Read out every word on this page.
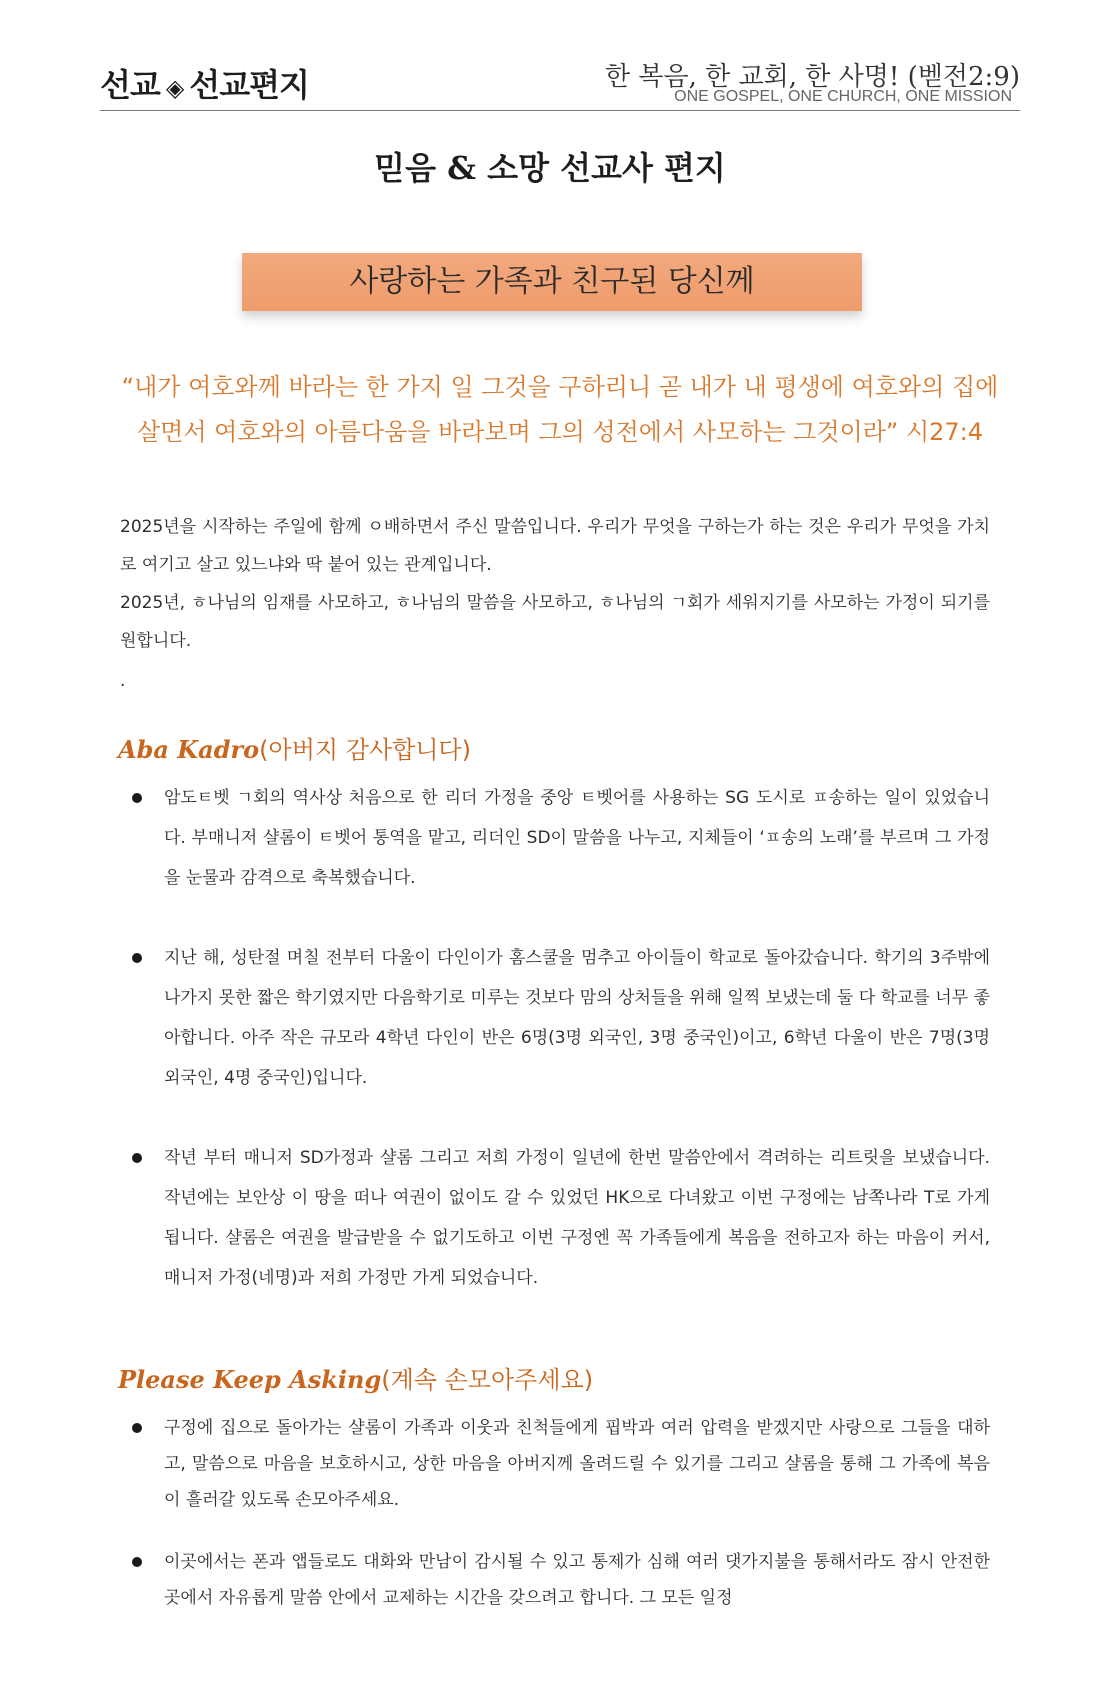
선교 ◈ 선교편지	한 복음, 한 교회, 한 사명! (벧전2:9)
ONE GOSPEL, ONE CHURCH, ONE MISSION
믿음 & 소망 선교사 편지
사랑하는 가족과 친구된 당신께
“내가 여호와께 바라는 한 가지 일 그것을 구하리니 곧 내가 내 평생에 여호와의 집에
살면서 여호와의 아름다움을 바라보며 그의 성전에서 사모하는 그것이라” 시27:4

2025년을 시작하는 주일에 함께 ㅇ배하면서 주신 말씀입니다. 우리가 무엇을 구하는가 하는 것은 우리가 무엇을 가치로 여기고 살고 있느냐와 딱 붙어 있는 관계입니다.

2025년, ㅎ나님의 임재를 사모하고, ㅎ나님의 말씀을 사모하고, ㅎ나님의 ㄱ회가 세워지기를 사모하는 가정이 되기를 원합니다.

.

Aba Kadro(아버지 감사합니다)
암도ㅌ벳 ㄱ회의 역사상 처음으로 한 리더 가정을 중앙 ㅌ벳어를 사용하는 SG 도시로 ㅍ송하는 일이 있었습니다. 부매니저 샬롬이 ㅌ벳어 통역을 맡고, 리더인 SD이 말씀을 나누고, 지체들이 ‘ㅍ송의 노래’를 부르며 그 가정을 눈물과 감격으로 축복했습니다.
지난 해, 성탄절 며칠 전부터 다울이 다인이가 홈스쿨을 멈추고 아이들이 학교로 돌아갔습니다. 학기의 3주밖에 나가지 못한 짧은 학기였지만 다음학기로 미루는 것보다 맘의 상처들을 위해 일찍 보냈는데 둘 다 학교를 너무 좋아합니다. 아주 작은 규모라 4학년 다인이 반은 6명(3명 외국인, 3명 중국인)이고, 6학년 다울이 반은 7명(3명 외국인, 4명 중국인)입니다.
작년 부터 매니저 SD가정과 샬롬 그리고 저희 가정이 일년에 한번 말씀안에서 격려하는 리트릿을 보냈습니다. 작년에는 보안상 이 땅을 떠나 여권이 없이도 갈 수 있었던 HK으로 다녀왔고 이번 구정에는 남쪽나라 T로 가게 됩니다. 샬롬은 여권을 발급받을 수 없기도하고 이번 구정엔 꼭 가족들에게 복음을 전하고자 하는 마음이 커서, 매니저 가정(네명)과 저희 가정만 가게 되었습니다.
Please Keep Asking(계속 손모아주세요)
구정에 집으로 돌아가는 샬롬이 가족과 이웃과 친척들에게 핍박과 여러 압력을 받겠지만 사랑으로 그들을 대하고, 말씀으로 마음을 보호하시고, 상한 마음을 아버지께 올려드릴 수 있기를 그리고 샬롬을 통해 그 가족에 복음이 흘러갈 있도록 손모아주세요.
이곳에서는 폰과 앱들로도 대화와 만남이 감시될 수 있고 통제가 심해 여러 댓가지불을 통해서라도 잠시 안전한 곳에서 자유롭게 말씀 안에서 교제하는 시간을 갖으려고 합니다. 그 모든 일정
